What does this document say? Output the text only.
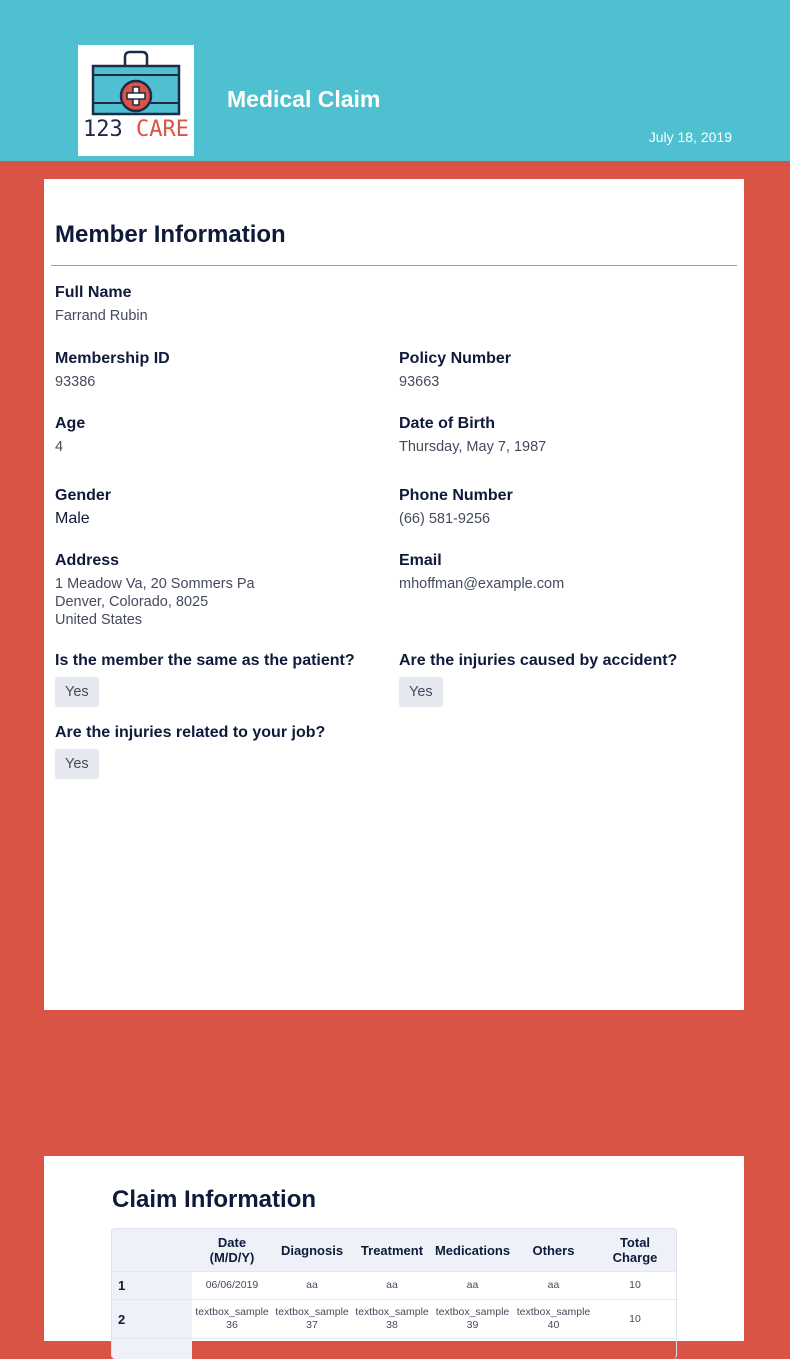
123 CARE
Medical Claim
July 18, 2019
Member Information
Full Name
Farrand Rubin
Membership ID
93386
Policy Number
93663
Age
4
Date of Birth
Thursday, May 7, 1987
Gender
Male
Phone Number
(66) 581-9256
Address
1 Meadow Va, 20 Sommers Pa
Denver, Colorado, 8025
United States
Email
mhoffman@example.com
Is the member the same as the patient?
Yes
Are the injuries caused by accident?
Yes
Are the injuries related to your job?
Yes
Claim Information
	Date (M/D/Y)	Diagnosis	Treatment	Medications	Others	Total Charge
1	06/06/2019	aa	aa	aa	aa	10
2	textbox_sample36	textbox_sample37	textbox_sample38	textbox_sample39	textbox_sample40	10
